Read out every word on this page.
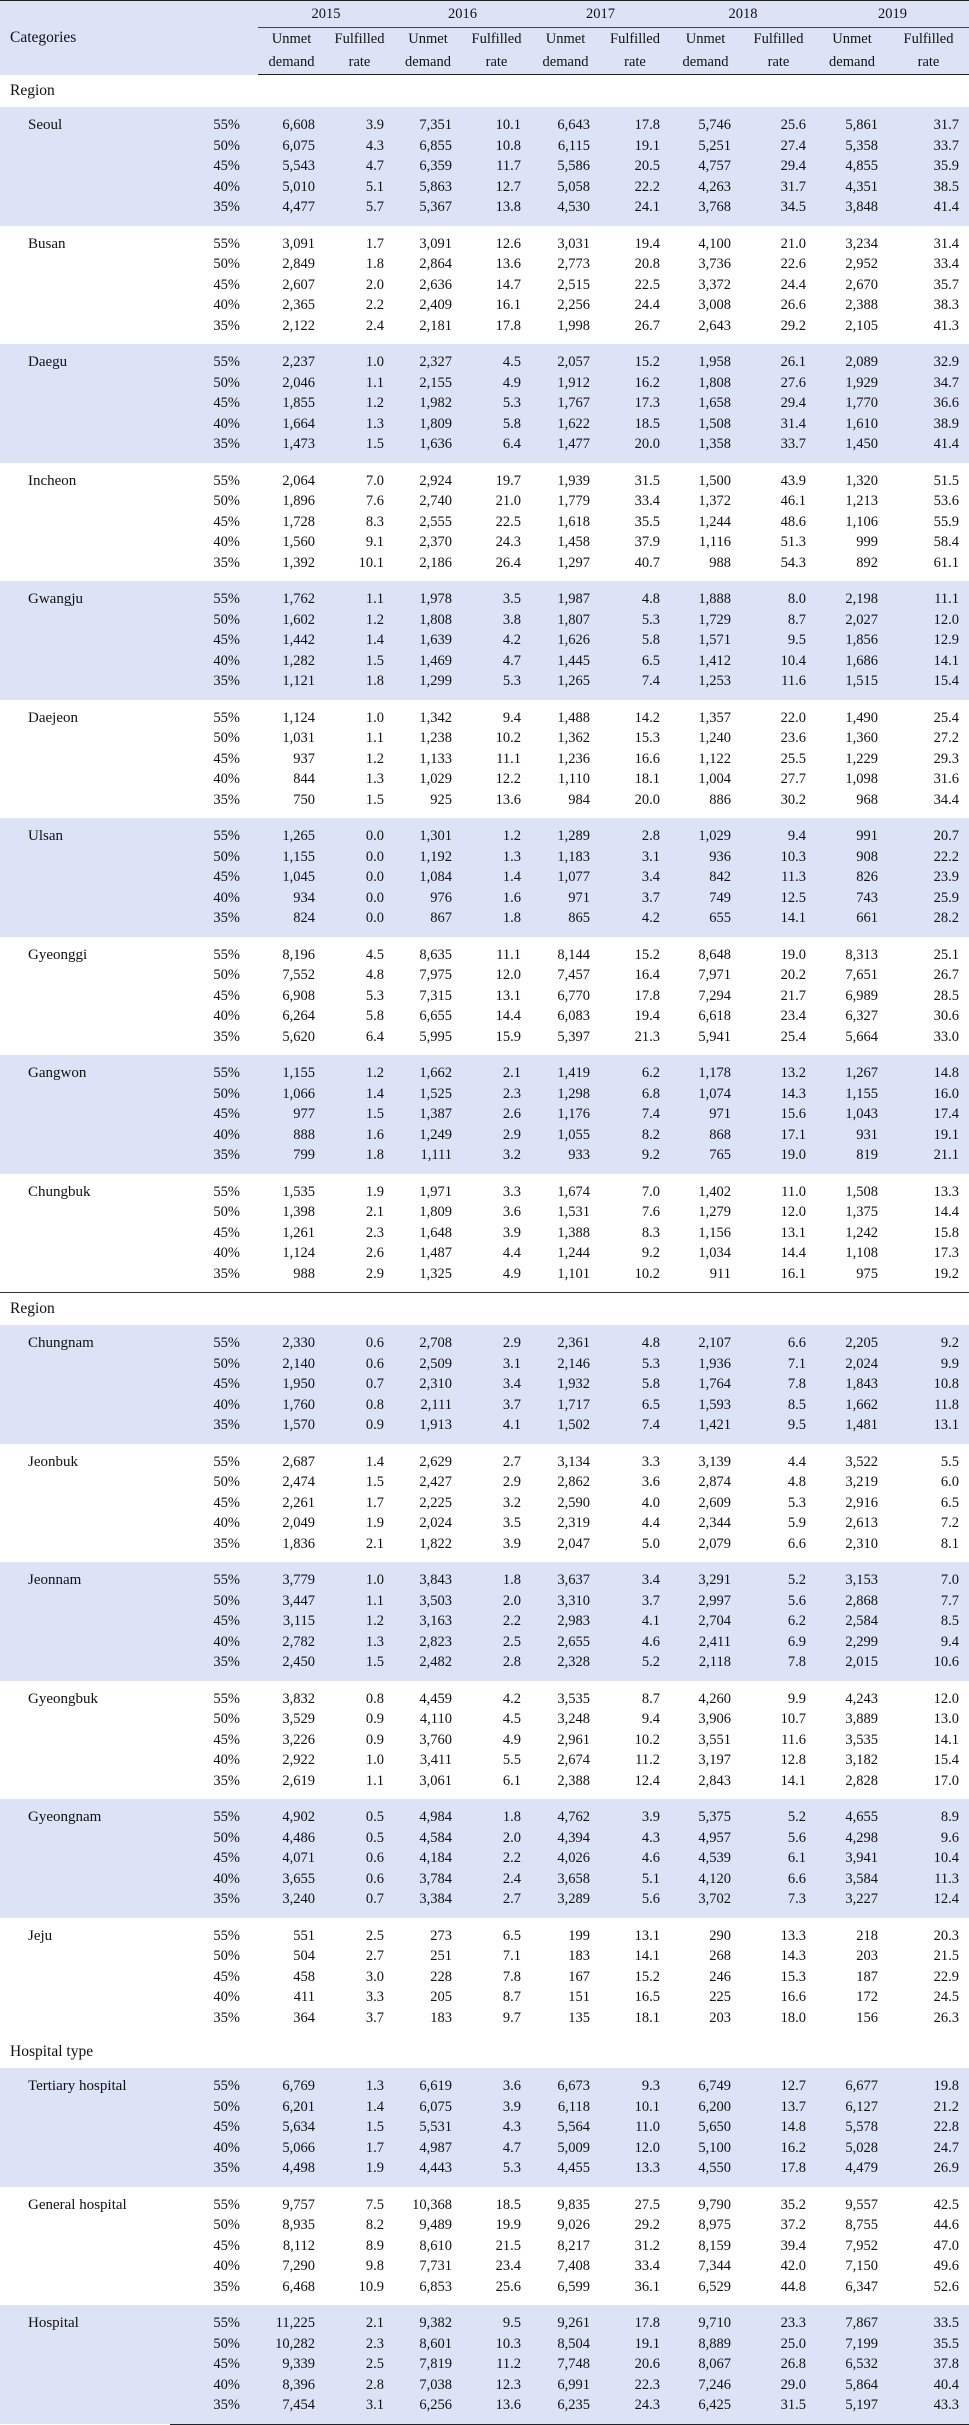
Categories		2015		2016		2017		2018		2019	
		Unmet	Fulfilled	Unmet	Fulfilled	Unmet	Fulfilled	Unmet	Fulfilled	Unmet	Fulfilled
		demand	rate	demand	rate	demand	rate	demand	rate	demand	rate
Region											
Seoul	55%	6,608	3.9	7,351	10.1	6,643	17.8	5,746	25.6	5,861	31.7
	50%	6,075	4.3	6,855	10.8	6,115	19.1	5,251	27.4	5,358	33.7
	45%	5,543	4.7	6,359	11.7	5,586	20.5	4,757	29.4	4,855	35.9
	40%	5,010	5.1	5,863	12.7	5,058	22.2	4,263	31.7	4,351	38.5
	35%	4,477	5.7	5,367	13.8	4,530	24.1	3,768	34.5	3,848	41.4
Busan	55%	3,091	1.7	3,091	12.6	3,031	19.4	4,100	21.0	3,234	31.4
	50%	2,849	1.8	2,864	13.6	2,773	20.8	3,736	22.6	2,952	33.4
	45%	2,607	2.0	2,636	14.7	2,515	22.5	3,372	24.4	2,670	35.7
	40%	2,365	2.2	2,409	16.1	2,256	24.4	3,008	26.6	2,388	38.3
	35%	2,122	2.4	2,181	17.8	1,998	26.7	2,643	29.2	2,105	41.3
Daegu	55%	2,237	1.0	2,327	4.5	2,057	15.2	1,958	26.1	2,089	32.9
	50%	2,046	1.1	2,155	4.9	1,912	16.2	1,808	27.6	1,929	34.7
	45%	1,855	1.2	1,982	5.3	1,767	17.3	1,658	29.4	1,770	36.6
	40%	1,664	1.3	1,809	5.8	1,622	18.5	1,508	31.4	1,610	38.9
	35%	1,473	1.5	1,636	6.4	1,477	20.0	1,358	33.7	1,450	41.4
Incheon	55%	2,064	7.0	2,924	19.7	1,939	31.5	1,500	43.9	1,320	51.5
	50%	1,896	7.6	2,740	21.0	1,779	33.4	1,372	46.1	1,213	53.6
	45%	1,728	8.3	2,555	22.5	1,618	35.5	1,244	48.6	1,106	55.9
	40%	1,560	9.1	2,370	24.3	1,458	37.9	1,116	51.3	999	58.4
	35%	1,392	10.1	2,186	26.4	1,297	40.7	988	54.3	892	61.1
Gwangju	55%	1,762	1.1	1,978	3.5	1,987	4.8	1,888	8.0	2,198	11.1
	50%	1,602	1.2	1,808	3.8	1,807	5.3	1,729	8.7	2,027	12.0
	45%	1,442	1.4	1,639	4.2	1,626	5.8	1,571	9.5	1,856	12.9
	40%	1,282	1.5	1,469	4.7	1,445	6.5	1,412	10.4	1,686	14.1
	35%	1,121	1.8	1,299	5.3	1,265	7.4	1,253	11.6	1,515	15.4
Daejeon	55%	1,124	1.0	1,342	9.4	1,488	14.2	1,357	22.0	1,490	25.4
	50%	1,031	1.1	1,238	10.2	1,362	15.3	1,240	23.6	1,360	27.2
	45%	937	1.2	1,133	11.1	1,236	16.6	1,122	25.5	1,229	29.3
	40%	844	1.3	1,029	12.2	1,110	18.1	1,004	27.7	1,098	31.6
	35%	750	1.5	925	13.6	984	20.0	886	30.2	968	34.4
Ulsan	55%	1,265	0.0	1,301	1.2	1,289	2.8	1,029	9.4	991	20.7
	50%	1,155	0.0	1,192	1.3	1,183	3.1	936	10.3	908	22.2
	45%	1,045	0.0	1,084	1.4	1,077	3.4	842	11.3	826	23.9
	40%	934	0.0	976	1.6	971	3.7	749	12.5	743	25.9
	35%	824	0.0	867	1.8	865	4.2	655	14.1	661	28.2
Gyeonggi	55%	8,196	4.5	8,635	11.1	8,144	15.2	8,648	19.0	8,313	25.1
	50%	7,552	4.8	7,975	12.0	7,457	16.4	7,971	20.2	7,651	26.7
	45%	6,908	5.3	7,315	13.1	6,770	17.8	7,294	21.7	6,989	28.5
	40%	6,264	5.8	6,655	14.4	6,083	19.4	6,618	23.4	6,327	30.6
	35%	5,620	6.4	5,995	15.9	5,397	21.3	5,941	25.4	5,664	33.0
Gangwon	55%	1,155	1.2	1,662	2.1	1,419	6.2	1,178	13.2	1,267	14.8
	50%	1,066	1.4	1,525	2.3	1,298	6.8	1,074	14.3	1,155	16.0
	45%	977	1.5	1,387	2.6	1,176	7.4	971	15.6	1,043	17.4
	40%	888	1.6	1,249	2.9	1,055	8.2	868	17.1	931	19.1
	35%	799	1.8	1,111	3.2	933	9.2	765	19.0	819	21.1
Chungbuk	55%	1,535	1.9	1,971	3.3	1,674	7.0	1,402	11.0	1,508	13.3
	50%	1,398	2.1	1,809	3.6	1,531	7.6	1,279	12.0	1,375	14.4
	45%	1,261	2.3	1,648	3.9	1,388	8.3	1,156	13.1	1,242	15.8
	40%	1,124	2.6	1,487	4.4	1,244	9.2	1,034	14.4	1,108	17.3
	35%	988	2.9	1,325	4.9	1,101	10.2	911	16.1	975	19.2
Region											
Chungnam	55%	2,330	0.6	2,708	2.9	2,361	4.8	2,107	6.6	2,205	9.2
	50%	2,140	0.6	2,509	3.1	2,146	5.3	1,936	7.1	2,024	9.9
	45%	1,950	0.7	2,310	3.4	1,932	5.8	1,764	7.8	1,843	10.8
	40%	1,760	0.8	2,111	3.7	1,717	6.5	1,593	8.5	1,662	11.8
	35%	1,570	0.9	1,913	4.1	1,502	7.4	1,421	9.5	1,481	13.1
Jeonbuk	55%	2,687	1.4	2,629	2.7	3,134	3.3	3,139	4.4	3,522	5.5
	50%	2,474	1.5	2,427	2.9	2,862	3.6	2,874	4.8	3,219	6.0
	45%	2,261	1.7	2,225	3.2	2,590	4.0	2,609	5.3	2,916	6.5
	40%	2,049	1.9	2,024	3.5	2,319	4.4	2,344	5.9	2,613	7.2
	35%	1,836	2.1	1,822	3.9	2,047	5.0	2,079	6.6	2,310	8.1
Jeonnam	55%	3,779	1.0	3,843	1.8	3,637	3.4	3,291	5.2	3,153	7.0
	50%	3,447	1.1	3,503	2.0	3,310	3.7	2,997	5.6	2,868	7.7
	45%	3,115	1.2	3,163	2.2	2,983	4.1	2,704	6.2	2,584	8.5
	40%	2,782	1.3	2,823	2.5	2,655	4.6	2,411	6.9	2,299	9.4
	35%	2,450	1.5	2,482	2.8	2,328	5.2	2,118	7.8	2,015	10.6
Gyeongbuk	55%	3,832	0.8	4,459	4.2	3,535	8.7	4,260	9.9	4,243	12.0
	50%	3,529	0.9	4,110	4.5	3,248	9.4	3,906	10.7	3,889	13.0
	45%	3,226	0.9	3,760	4.9	2,961	10.2	3,551	11.6	3,535	14.1
	40%	2,922	1.0	3,411	5.5	2,674	11.2	3,197	12.8	3,182	15.4
	35%	2,619	1.1	3,061	6.1	2,388	12.4	2,843	14.1	2,828	17.0
Gyeongnam	55%	4,902	0.5	4,984	1.8	4,762	3.9	5,375	5.2	4,655	8.9
	50%	4,486	0.5	4,584	2.0	4,394	4.3	4,957	5.6	4,298	9.6
	45%	4,071	0.6	4,184	2.2	4,026	4.6	4,539	6.1	3,941	10.4
	40%	3,655	0.6	3,784	2.4	3,658	5.1	4,120	6.6	3,584	11.3
	35%	3,240	0.7	3,384	2.7	3,289	5.6	3,702	7.3	3,227	12.4
Jeju	55%	551	2.5	273	6.5	199	13.1	290	13.3	218	20.3
	50%	504	2.7	251	7.1	183	14.1	268	14.3	203	21.5
	45%	458	3.0	228	7.8	167	15.2	246	15.3	187	22.9
	40%	411	3.3	205	8.7	151	16.5	225	16.6	172	24.5
	35%	364	3.7	183	9.7	135	18.1	203	18.0	156	26.3
Hospital type											
Tertiary hospital	55%	6,769	1.3	6,619	3.6	6,673	9.3	6,749	12.7	6,677	19.8
	50%	6,201	1.4	6,075	3.9	6,118	10.1	6,200	13.7	6,127	21.2
	45%	5,634	1.5	5,531	4.3	5,564	11.0	5,650	14.8	5,578	22.8
	40%	5,066	1.7	4,987	4.7	5,009	12.0	5,100	16.2	5,028	24.7
	35%	4,498	1.9	4,443	5.3	4,455	13.3	4,550	17.8	4,479	26.9
General hospital	55%	9,757	7.5	10,368	18.5	9,835	27.5	9,790	35.2	9,557	42.5
	50%	8,935	8.2	9,489	19.9	9,026	29.2	8,975	37.2	8,755	44.6
	45%	8,112	8.9	8,610	21.5	8,217	31.2	8,159	39.4	7,952	47.0
	40%	7,290	9.8	7,731	23.4	7,408	33.4	7,344	42.0	7,150	49.6
	35%	6,468	10.9	6,853	25.6	6,599	36.1	6,529	44.8	6,347	52.6
Hospital	55%	11,225	2.1	9,382	9.5	9,261	17.8	9,710	23.3	7,867	33.5
	50%	10,282	2.3	8,601	10.3	8,504	19.1	8,889	25.0	7,199	35.5
	45%	9,339	2.5	7,819	11.2	7,748	20.6	8,067	26.8	6,532	37.8
	40%	8,396	2.8	7,038	12.3	6,991	22.3	7,246	29.0	5,864	40.4
	35%	7,454	3.1	6,256	13.6	6,235	24.3	6,425	31.5	5,197	43.3
